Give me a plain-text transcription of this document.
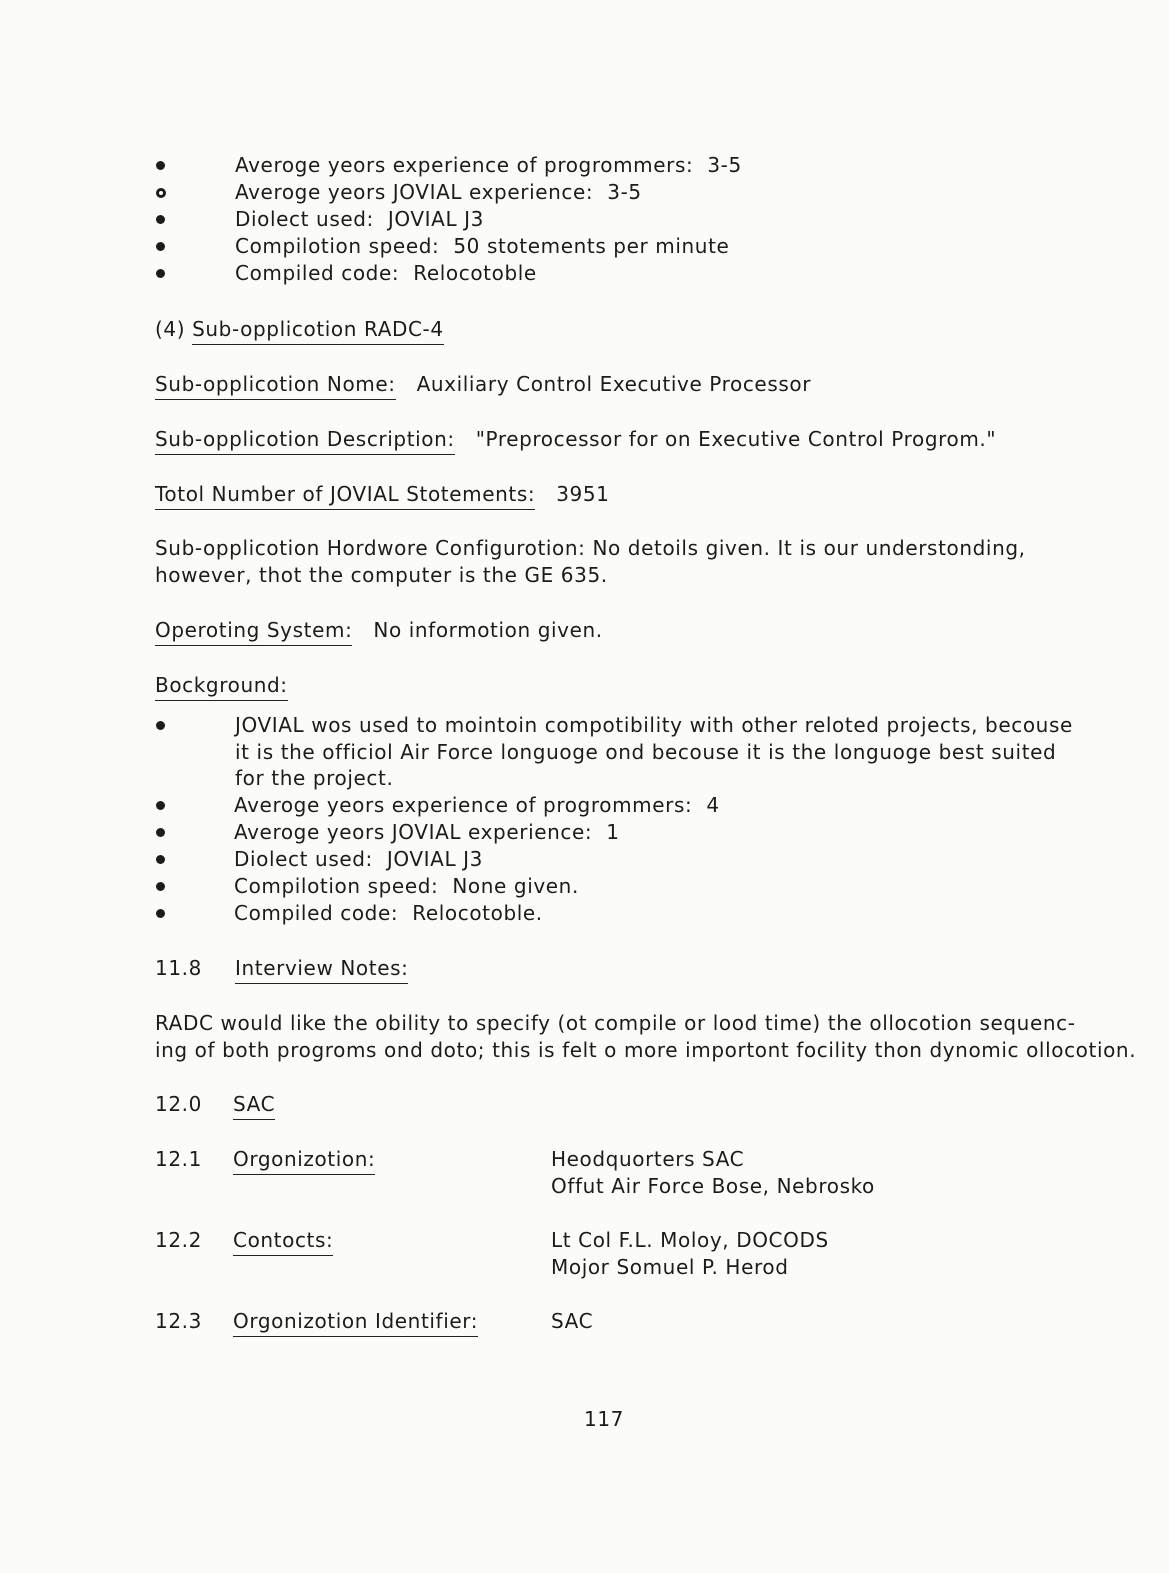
Averoge yeors experience of progrommers: 3-5
Averoge yeors JOVIAL experience: 3-5
Diolect used: JOVIAL J3
Compilotion speed: 50 stotements per minute
Compiled code: Relocotoble
(4) Sub-opplicotion RADC-4
Sub-opplicotion Nome: Auxiliary Control Executive Processor
Sub-opplicotion Description: "Preprocessor for on Executive Control Progrom."
Totol Number of JOVIAL Stotements: 3951
Sub-opplicotion Hordwore Configurotion: No detoils given. It is our understonding,
however, thot the computer is the GE 635.
Operoting System: No informotion given.
Bockground:
JOVIAL wos used to mointoin compotibility with other reloted projects, becouse
it is the officiol Air Force longuoge ond becouse it is the longuoge best suited
for the project.
Averoge yeors experience of progrommers: 4
Averoge yeors JOVIAL experience: 1
Diolect used: JOVIAL J3
Compilotion speed: None given.
Compiled code: Relocotoble.
11.8 Interview Notes:
RADC would like the obility to specify (ot compile or lood time) the ollocotion sequenc-
ing of both progroms ond doto; this is felt o more importont focility thon dynomic ollocotion.
12.0 SAC
12.1 Orgonizotion:	Heodquorters SAC
Offut Air Force Bose, Nebrosko
12.2 Contocts:	Lt Col F.L. Moloy, DOCODS
Mojor Somuel P. Herod
12.3 Orgonizotion Identifier:	SAC
117
